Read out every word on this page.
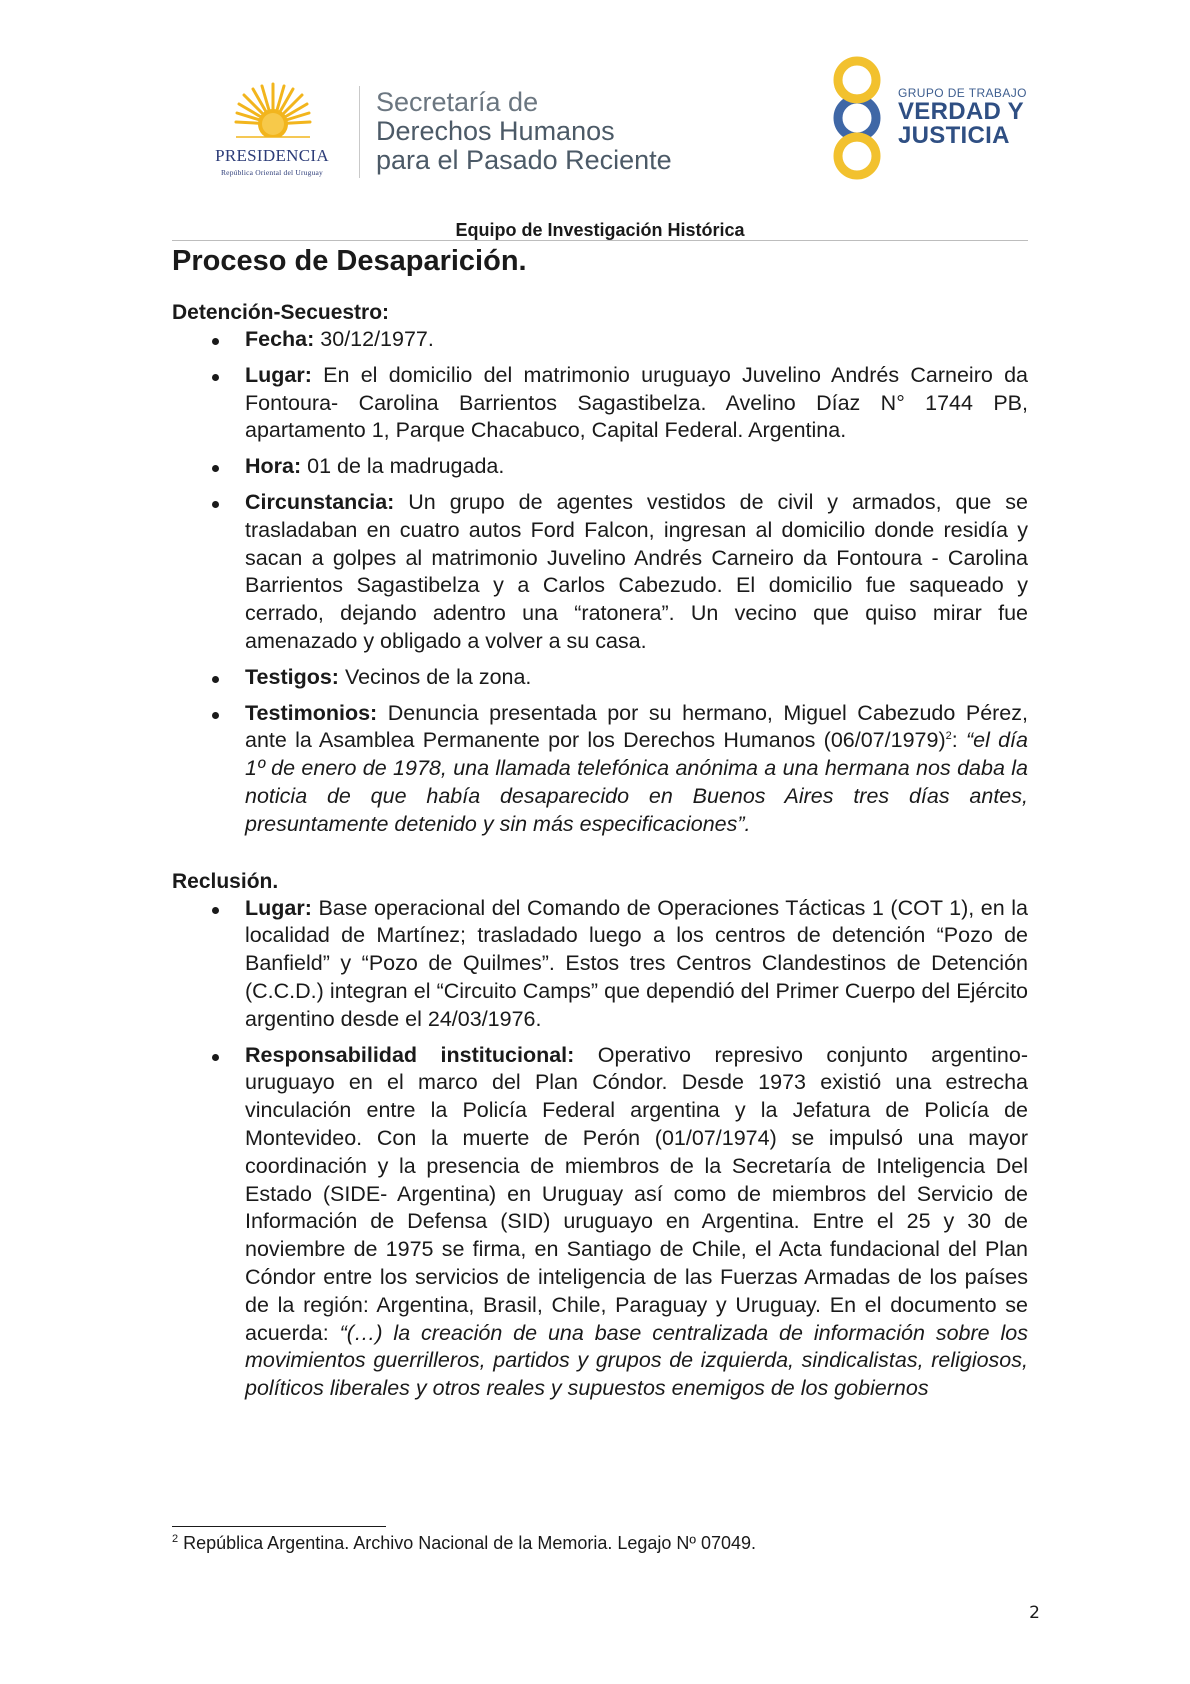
PRESIDENCIA
República Oriental del Uruguay
Secretaría de
Derechos Humanos
para el Pasado Reciente
GRUPO DE TRABAJO
VERDAD Y
JUSTICIA
Equipo de Investigación Histórica
Proceso de Desaparición.
Detención-Secuestro:
Fecha: 30/12/1977.
Lugar: En el domicilio del matrimonio uruguayo Juvelino Andrés Carneiro da Fontoura- Carolina Barrientos Sagastibelza. Avelino Díaz N° 1744 PB, apartamento 1, Parque Chacabuco, Capital Federal. Argentina.
Hora: 01 de la madrugada.
Circunstancia: Un grupo de agentes vestidos de civil y armados, que se trasladaban en cuatro autos Ford Falcon, ingresan al domicilio donde residía y sacan a golpes al matrimonio Juvelino Andrés Carneiro da Fontoura - Carolina Barrientos Sagastibelza y a Carlos Cabezudo. El domicilio fue saqueado y cerrado, dejando adentro una “ratonera”. Un vecino que quiso mirar fue amenazado y obligado a volver a su casa.
Testigos: Vecinos de la zona.
Testimonios: Denuncia presentada por su hermano, Miguel Cabezudo Pérez, ante la Asamblea Permanente por los Derechos Humanos $(06/07/1979)^2$: “el día 1º de enero de 1978, una llamada telefónica anónima a una hermana nos daba la noticia de que había desaparecido en Buenos Aires tres días antes, presuntamente detenido y sin más especificaciones”.
Reclusión.
Lugar: Base operacional del Comando de Operaciones Tácticas 1 (COT 1), en la localidad de Martínez; trasladado luego a los centros de detención “Pozo de Banfield” y “Pozo de Quilmes”. Estos tres Centros Clandestinos de Detención (C.C.D.) integran el “Circuito Camps” que dependió del Primer Cuerpo del Ejército argentino desde el 24/03/1976.
Responsabilidad institucional: Operativo represivo conjunto argentino-uruguayo en el marco del Plan Cóndor. Desde 1973 existió una estrecha vinculación entre la Policía Federal argentina y la Jefatura de Policía de Montevideo. Con la muerte de Perón (01/07/1974) se impulsó una mayor coordinación y la presencia de miembros de la Secretaría de Inteligencia Del Estado (SIDE- Argentina) en Uruguay así como de miembros del Servicio de Información de Defensa (SID) uruguayo en Argentina. Entre el 25 y 30 de noviembre de 1975 se firma, en Santiago de Chile, el Acta fundacional del Plan Cóndor entre los servicios de inteligencia de las Fuerzas Armadas de los países de la región: Argentina, Brasil, Chile, Paraguay y Uruguay. En el documento se acuerda: “(…) la creación de una base centralizada de información sobre los movimientos guerrilleros, partidos y grupos de izquierda, sindicalistas, religiosos, políticos liberales y otros reales y supuestos enemigos de los gobiernos
$^2$ República Argentina. Archivo Nacional de la Memoria. Legajo Nº 07049.
2
